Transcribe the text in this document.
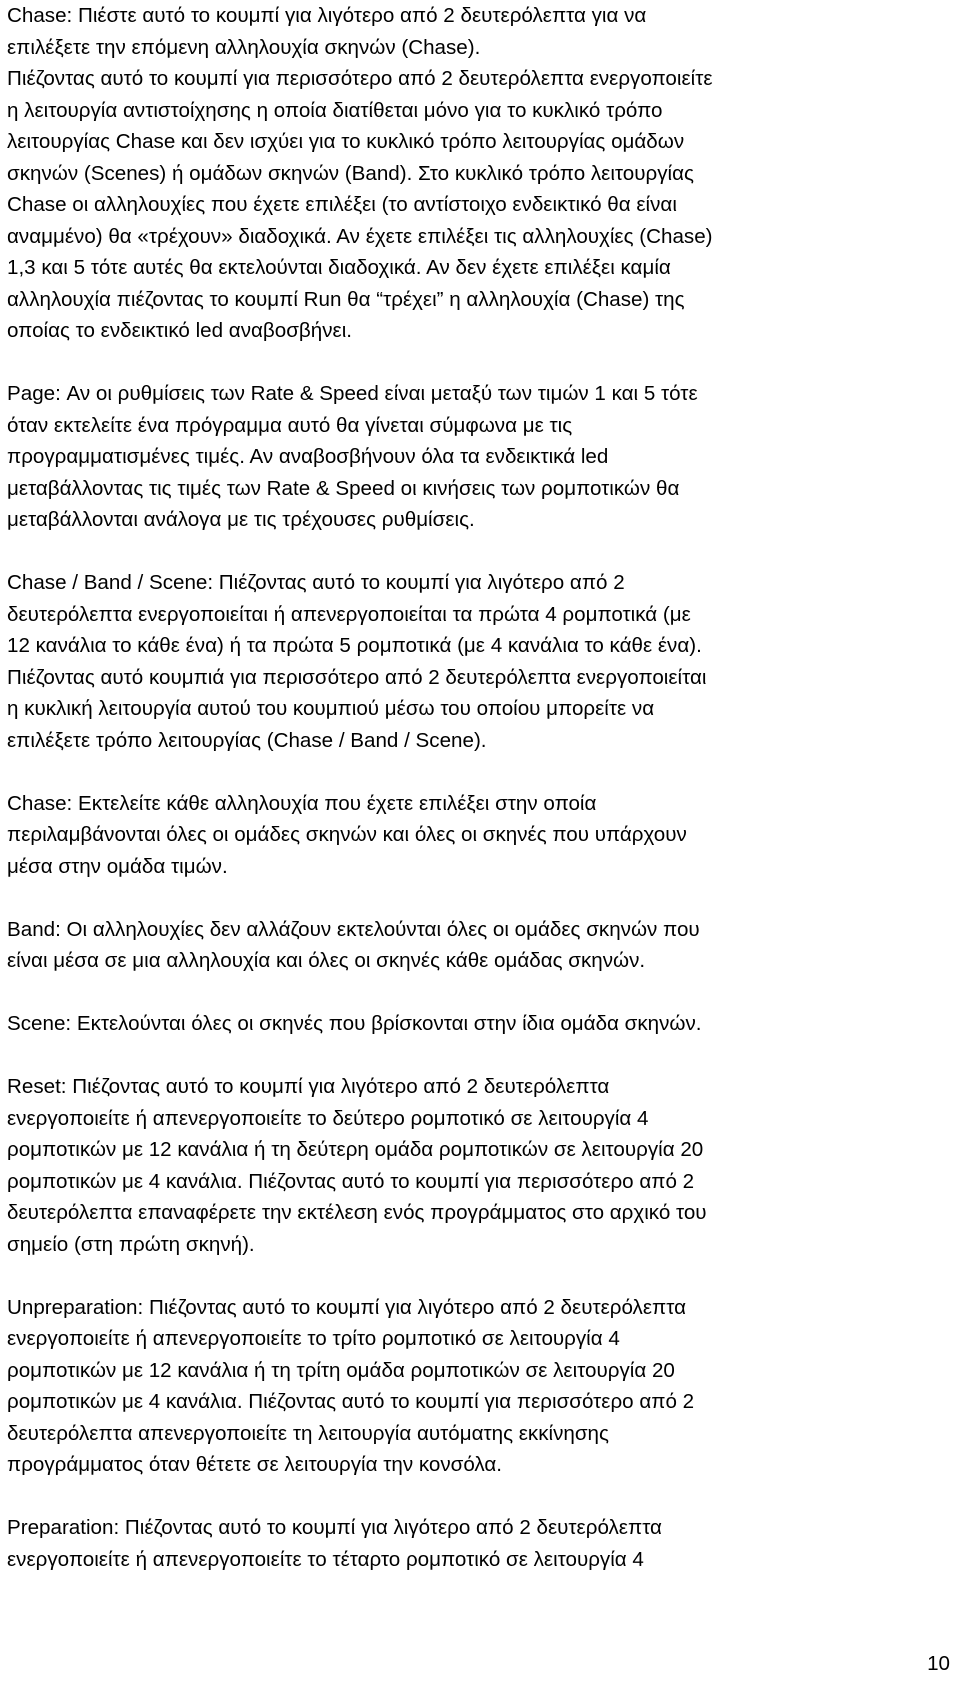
Chase: Πιέστε αυτό το κουμπί για λιγότερο από 2 δευτερόλεπτα για να
επιλέξετε την επόμενη αλληλουχία σκηνών (Chase).
Πιέζοντας αυτό το κουμπί για περισσότερο από 2 δευτερόλεπτα ενεργοποιείτε
η λειτουργία αντιστοίχησης η οποία διατίθεται μόνο για το κυκλικό τρόπο
λειτουργίας Chase και δεν ισχύει για το κυκλικό τρόπο λειτουργίας ομάδων
σκηνών (Scenes) ή ομάδων σκηνών (Band). Στο κυκλικό τρόπο λειτουργίας
Chase οι αλληλουχίες που έχετε επιλέξει (το αντίστοιχο ενδεικτικό θα είναι
αναμμένο) θα «τρέχουν» διαδοχικά. Αν έχετε επιλέξει τις αλληλουχίες (Chase)
1,3 και 5 τότε αυτές θα εκτελούνται διαδοχικά. Αν δεν έχετε επιλέξει καμία
αλληλουχία πιέζοντας το κουμπί Run θα “τρέχει” η αλληλουχία (Chase) της
οποίας το ενδεικτικό led αναβοσβήνει.

Page: Αν οι ρυθμίσεις των Rate & Speed είναι μεταξύ των τιμών 1 και 5 τότε
όταν εκτελείτε ένα πρόγραμμα αυτό θα γίνεται σύμφωνα με τις
προγραμματισμένες τιμές. Αν αναβοσβήνουν όλα τα ενδεικτικά led
μεταβάλλοντας τις τιμές των Rate & Speed οι κινήσεις των ρομποτικών θα
μεταβάλλονται ανάλογα με τις τρέχουσες ρυθμίσεις.

Chase / Band / Scene: Πιέζοντας αυτό το κουμπί για λιγότερο από 2
δευτερόλεπτα ενεργοποιείται ή απενεργοποιείται τα πρώτα 4 ρομποτικά (με
12 κανάλια το κάθε ένα) ή τα πρώτα 5 ρομποτικά (με 4 κανάλια το κάθε ένα).
Πιέζοντας αυτό κουμπιά για περισσότερο από 2 δευτερόλεπτα ενεργοποιείται
η κυκλική λειτουργία αυτού του κουμπιού μέσω του οποίου μπορείτε να
επιλέξετε τρόπο λειτουργίας (Chase / Band / Scene).

Chase: Εκτελείτε κάθε αλληλουχία που έχετε επιλέξει στην οποία
περιλαμβάνονται όλες οι ομάδες σκηνών και όλες οι σκηνές που υπάρχουν
μέσα στην ομάδα τιμών.

Band: Οι αλληλουχίες δεν αλλάζουν εκτελούνται όλες οι ομάδες σκηνών που
είναι μέσα σε μια αλληλουχία και όλες οι σκηνές κάθε ομάδας σκηνών.

Scene: Εκτελούνται όλες οι σκηνές που βρίσκονται στην ίδια ομάδα σκηνών.

Reset: Πιέζοντας αυτό το κουμπί για λιγότερο από 2 δευτερόλεπτα
ενεργοποιείτε ή απενεργοποιείτε το δεύτερο ρομποτικό σε λειτουργία 4
ρομποτικών με 12 κανάλια ή τη δεύτερη ομάδα ρομποτικών σε λειτουργία 20
ρομποτικών με 4 κανάλια. Πιέζοντας αυτό το κουμπί για περισσότερο από 2
δευτερόλεπτα επαναφέρετε την εκτέλεση ενός προγράμματος στο αρχικό του
σημείο (στη πρώτη σκηνή).

Unpreparation: Πιέζοντας αυτό το κουμπί για λιγότερο από 2 δευτερόλεπτα
ενεργοποιείτε ή απενεργοποιείτε το τρίτο ρομποτικό σε λειτουργία 4
ρομποτικών με 12 κανάλια ή τη τρίτη ομάδα ρομποτικών σε λειτουργία 20
ρομποτικών με 4 κανάλια. Πιέζοντας αυτό το κουμπί για περισσότερο από 2
δευτερόλεπτα απενεργοποιείτε τη λειτουργία αυτόματης εκκίνησης
προγράμματος όταν θέτετε σε λειτουργία την κονσόλα.

Preparation: Πιέζοντας αυτό το κουμπί για λιγότερο από 2 δευτερόλεπτα
ενεργοποιείτε ή απενεργοποιείτε το τέταρτο ρομποτικό σε λειτουργία 4

10
